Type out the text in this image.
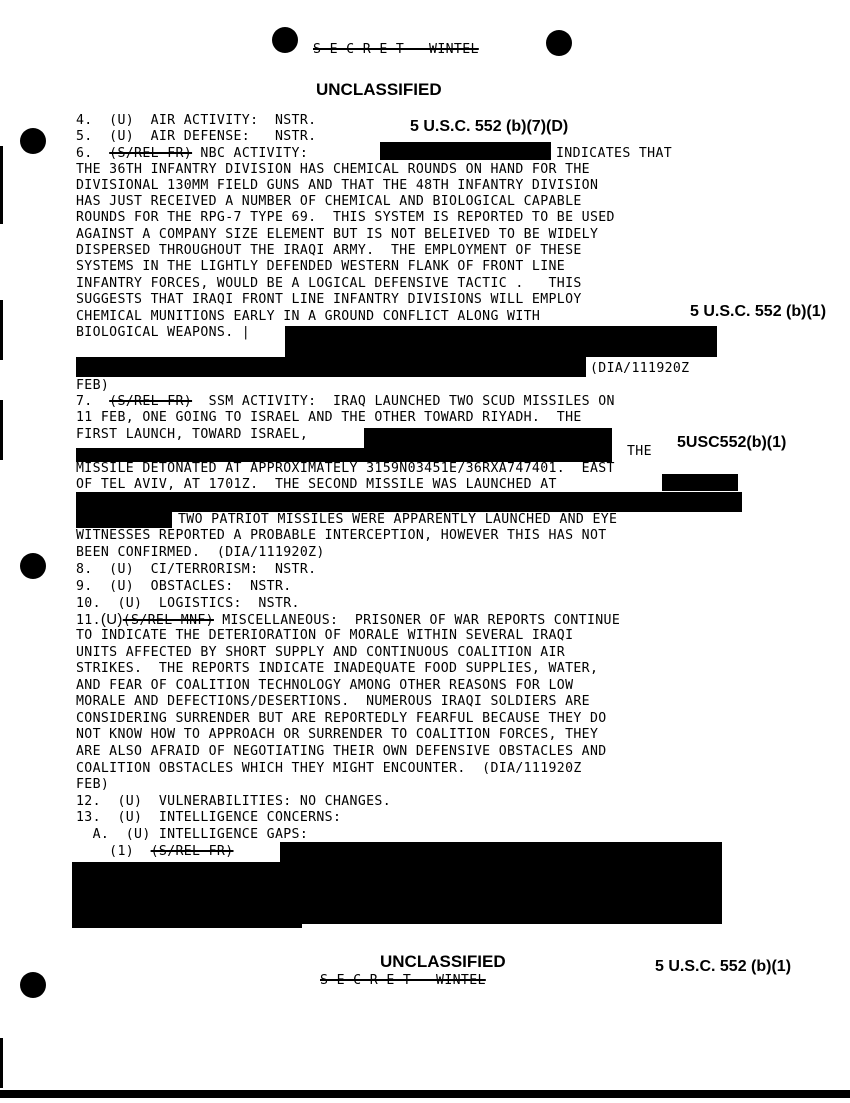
S E C R E T   WINTEL
UNCLASSIFIED
5 U.S.C. 552 (b)(7)(D)
5 U.S.C. 552 (b)(1)
5USC552(b)(1)
5 U.S.C. 552 (b)(1)
4.  (U)  AIR ACTIVITY:  NSTR.
5.  (U)  AIR DEFENSE:   NSTR.
6.  (S/REL FR) NBC ACTIVITY:	INDICATES THAT
THE 36TH INFANTRY DIVISION HAS CHEMICAL ROUNDS ON HAND FOR THE
DIVISIONAL 130MM FIELD GUNS AND THAT THE 48TH INFANTRY DIVISION
HAS JUST RECEIVED A NUMBER OF CHEMICAL AND BIOLOGICAL CAPABLE
ROUNDS FOR THE RPG-7 TYPE 69.  THIS SYSTEM IS REPORTED TO BE USED
AGAINST A COMPANY SIZE ELEMENT BUT IS NOT BELEIVED TO BE WIDELY
DISPERSED THROUGHOUT THE IRAQI ARMY.  THE EMPLOYMENT OF THESE
SYSTEMS IN THE LIGHTLY DEFENDED WESTERN FLANK OF FRONT LINE
INFANTRY FORCES, WOULD BE A LOGICAL DEFENSIVE TACTIC .   THIS
SUGGESTS THAT IRAQI FRONT LINE INFANTRY DIVISIONS WILL EMPLOY
CHEMICAL MUNITIONS EARLY IN A GROUND CONFLICT ALONG WITH
BIOLOGICAL WEAPONS. |
(DIA/111920Z
FEB)
7.  (S/REL FR)  SSM ACTIVITY:  IRAQ LAUNCHED TWO SCUD MISSILES ON
11 FEB, ONE GOING TO ISRAEL AND THE OTHER TOWARD RIYADH.  THE
FIRST LAUNCH, TOWARD ISRAEL,
THE
MISSILE DETONATED AT APPROXIMATELY 3159N03451E/36RXA747401.  EAST
OF TEL AVIV, AT 1701Z.  THE SECOND MISSILE WAS LAUNCHED AT
TWO PATRIOT MISSILES WERE APPARENTLY LAUNCHED AND EYE
WITNESSES REPORTED A PROBABLE INTERCEPTION, HOWEVER THIS HAS NOT
BEEN CONFIRMED.  (DIA/111920Z)
8.  (U)  CI/TERRORISM:  NSTR.
9.  (U)  OBSTACLES:  NSTR.
10.  (U)  LOGISTICS:  NSTR.
11.(U)(S/REL MNF) MISCELLANEOUS:  PRISONER OF WAR REPORTS CONTINUE
TO INDICATE THE DETERIORATION OF MORALE WITHIN SEVERAL IRAQI
UNITS AFFECTED BY SHORT SUPPLY AND CONTINUOUS COALITION AIR
STRIKES.  THE REPORTS INDICATE INADEQUATE FOOD SUPPLIES, WATER,
AND FEAR OF COALITION TECHNOLOGY AMONG OTHER REASONS FOR LOW
MORALE AND DEFECTIONS/DESERTIONS.  NUMEROUS IRAQI SOLDIERS ARE
CONSIDERING SURRENDER BUT ARE REPORTEDLY FEARFUL BECAUSE THEY DO
NOT KNOW HOW TO APPROACH OR SURRENDER TO COALITION FORCES, THEY
ARE ALSO AFRAID OF NEGOTIATING THEIR OWN DEFENSIVE OBSTACLES AND
COALITION OBSTACLES WHICH THEY MIGHT ENCOUNTER.  (DIA/111920Z
FEB)
12.  (U)  VULNERABILITIES: NO CHANGES.
13.  (U)  INTELLIGENCE CONCERNS:
A.  (U) INTELLIGENCE GAPS:
(1)  (S/REL FR)
UNCLASSIFIED
S E C R E T   WINTEL
